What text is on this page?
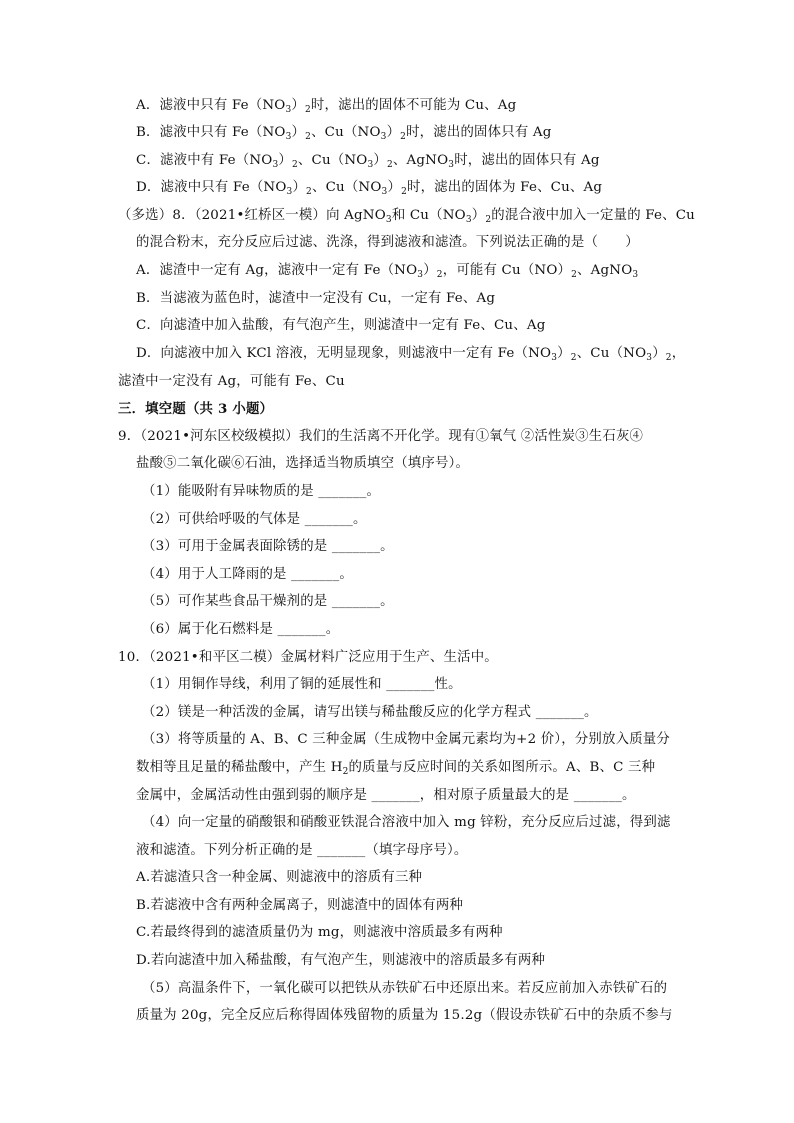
A．滤液中只有 $Fe(NO_3)_2$时，滤出的固体不可能为 Cu、Ag
B．滤液中只有 $Fe(NO_3)_2$、$Cu(NO_3)_2$时，滤出的固体只有 Ag
C．滤液中有 $Fe(NO_3)_2$、$Cu(NO_3)_2$、AgNO$_3$时，滤出的固体只有 Ag
D．滤液中只有 $Fe(NO_3)_2$、$Cu(NO_3)_2$时，滤出的固体为 Fe、Cu、Ag
（多选）8．（2021•红桥区一模）向 AgNO$_3$和 $Cu(NO_3)_2$的混合液中加入一定量的 Fe、Cu
的混合粉末，充分反应后过滤、洗涤，得到滤液和滤渣。下列说法正确的是（　　）
A．滤渣中一定有 Ag，滤液中一定有 $Fe(NO_3)_2$，可能有 $Cu(NO)_2$、AgNO$_3$
B．当滤液为蓝色时，滤渣中一定没有 Cu，一定有 Fe、Ag
C．向滤渣中加入盐酸，有气泡产生，则滤渣中一定有 Fe、Cu、Ag
D．向滤液中加入 KCl 溶液，无明显现象，则滤液中一定有 $Fe(NO_3)_2$、$Cu(NO_3)_2$，
滤渣中一定没有 Ag，可能有 Fe、Cu
三．填空题（共 3 小题）
9．（2021•河东区校级模拟）我们的生活离不开化学。现有①氧气 ②活性炭③生石灰④
盐酸⑤二氧化碳⑥石油，选择适当物质填空（填序号）。
（1）能吸附有异味物质的是 _______。
（2）可供给呼吸的气体是 _______。
（3）可用于金属表面除锈的是 _______。
（4）用于人工降雨的是 _______。
（5）可作某些食品干燥剂的是 _______。
（6）属于化石燃料是 _______。
10．（2021•和平区二模）金属材料广泛应用于生产、生活中。
（1）用铜作导线，利用了铜的延展性和 _______性。
（2）镁是一种活泼的金属，请写出镁与稀盐酸反应的化学方程式 _______。
（3）将等质量的 A、B、C 三种金属（生成物中金属元素均为+2 价），分别放入质量分
数相等且足量的稀盐酸中，产生 $H_2$的质量与反应时间的关系如图所示。A、B、C 三种
金属中，金属活动性由强到弱的顺序是 _______，相对原子质量最大的是 _______。
（4）向一定量的硝酸银和硝酸亚铁混合溶液中加入 mg 锌粉，充分反应后过滤，得到滤
液和滤渣。下列分析正确的是 _______（填字母序号）。
A.若滤渣只含一种金属、则滤液中的溶质有三种
B.若滤液中含有两种金属离子，则滤渣中的固体有两种
C.若最终得到的滤渣质量仍为 mg，则滤液中溶质最多有两种
D.若向滤渣中加入稀盐酸，有气泡产生，则滤液中的溶质最多有两种
（5）高温条件下，一氧化碳可以把铁从赤铁矿石中还原出来。若反应前加入赤铁矿石的
质量为 20g，完全反应后称得固体残留物的质量为 15.2g（假设赤铁矿石中的杂质不参与
